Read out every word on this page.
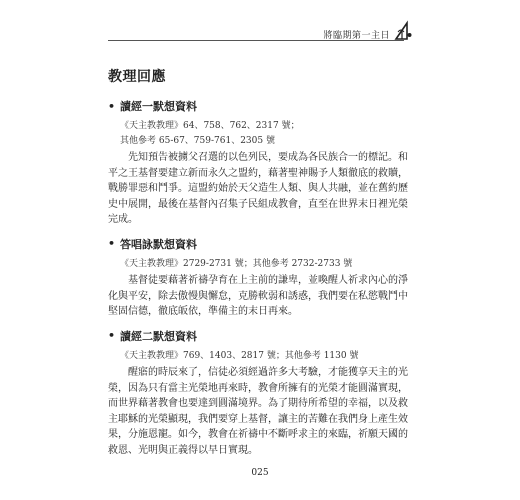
將臨期第一主日
教理回應
• 讀經一默想資料
《天主教教理》64、758、762、2317 號；
其他參考 65-67、759-761、2305 號
先知預告被擄父召選的以色列民，要成為各民族合一的標記。和平之王基督要建立新而永久之盟約，藉著聖神賜予人類徹底的救贖，戰勝罪惡和鬥爭。這盟約始於天父造生人類、與人共融，並在舊約歷史中展開，最後在基督內召集子民組成教會，直至在世界末日裡光榮完成。
• 答唱詠默想資料
《天主教教理》2729-2731 號；其他參考 2732-2733 號
基督徒要藉著祈禱孕育在上主前的謙卑，並喚醒人祈求內心的淨化與平安，除去傲慢與懈怠，克勝軟弱和誘惑，我們要在私慾戰鬥中堅固信德，徹底皈依，準備主的末日再來。
• 讀經二默想資料
《天主教教理》769、1403、2817 號；其他參考 1130 號
醒寤的時辰來了，信徒必須經過許多大考驗，才能獲享天主的光榮，因為只有當主光榮地再來時，教會所擁有的光榮才能圓滿實現，而世界藉著教會也要達到圓滿境界。為了期待所希望的幸福，以及救主耶穌的光榮顯現，我們要穿上基督，讓主的苦難在我們身上產生效果，分施恩寵。如今，教會在祈禱中不斷呼求主的來臨，祈願天國的救恩、光明與正義得以早日實現。
025
